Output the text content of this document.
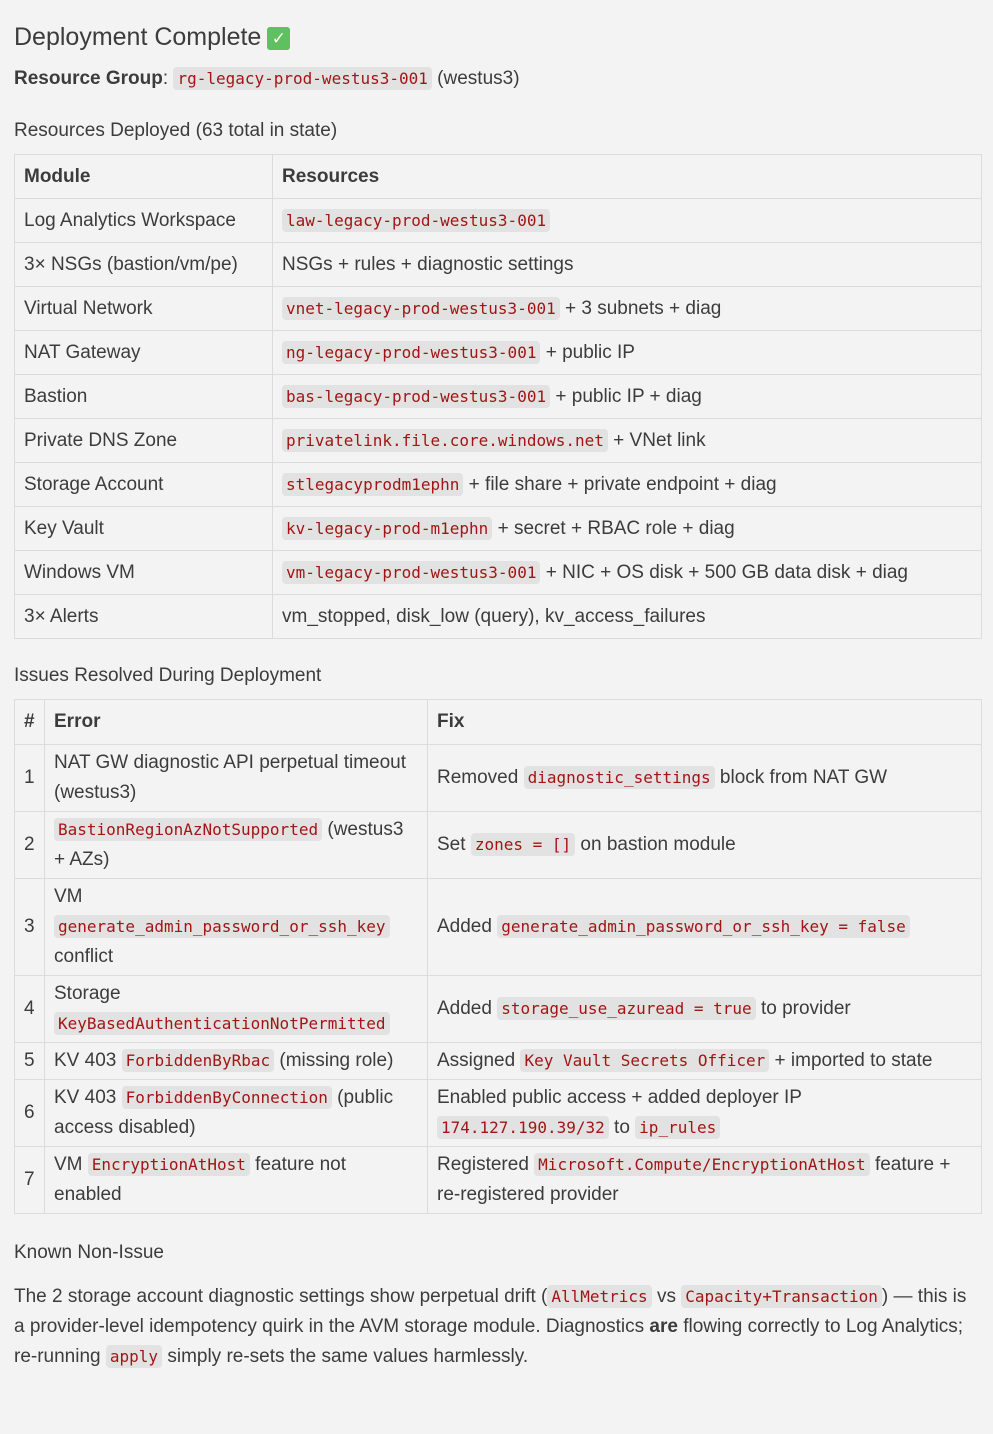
Deployment Complete ✓
Resource Group: rg-legacy-prod-westus3-001 (westus3)
Resources Deployed (63 total in state)
Module	Resources
Log Analytics Workspace	law-legacy-prod-westus3-001
3× NSGs (bastion/vm/pe)	NSGs + rules + diagnostic settings
Virtual Network	vnet-legacy-prod-westus3-001 + 3 subnets + diag
NAT Gateway	ng-legacy-prod-westus3-001 + public IP
Bastion	bas-legacy-prod-westus3-001 + public IP + diag
Private DNS Zone	privatelink.file.core.windows.net + VNet link
Storage Account	stlegacyprodm1ephn + file share + private endpoint + diag
Key Vault	kv-legacy-prod-m1ephn + secret + RBAC role + diag
Windows VM	vm-legacy-prod-westus3-001 + NIC + OS disk + 500 GB data disk + diag
3× Alerts	vm_stopped, disk_low (query), kv_access_failures
Issues Resolved During Deployment
#	Error	Fix
1	NAT GW diagnostic API perpetual timeout (westus3)	Removed diagnostic_settings block from NAT GW
2	BastionRegionAzNotSupported (westus3 + AZs)	Set zones = [] on bastion module
3	VM generate_admin_password_or_ssh_key conflict	Added generate_admin_password_or_ssh_key = false
4	Storage KeyBasedAuthenticationNotPermitted	Added storage_use_azuread = true to provider
5	KV 403 ForbiddenByRbac (missing role)	Assigned Key Vault Secrets Officer + imported to state
6	KV 403 ForbiddenByConnection (public access disabled)	Enabled public access + added deployer IP 174.127.190.39/32 to ip_rules
7	VM EncryptionAtHost feature not enabled	Registered Microsoft.Compute/EncryptionAtHost feature + re-registered provider
Known Non-Issue

The 2 storage account diagnostic settings show perpetual drift ( AllMetrics vs Capacity+Transaction ) — this is a provider-level idempotency quirk in the AVM storage module. Diagnostics are flowing correctly to Log Analytics; re-running apply simply re-sets the same values harmlessly.
